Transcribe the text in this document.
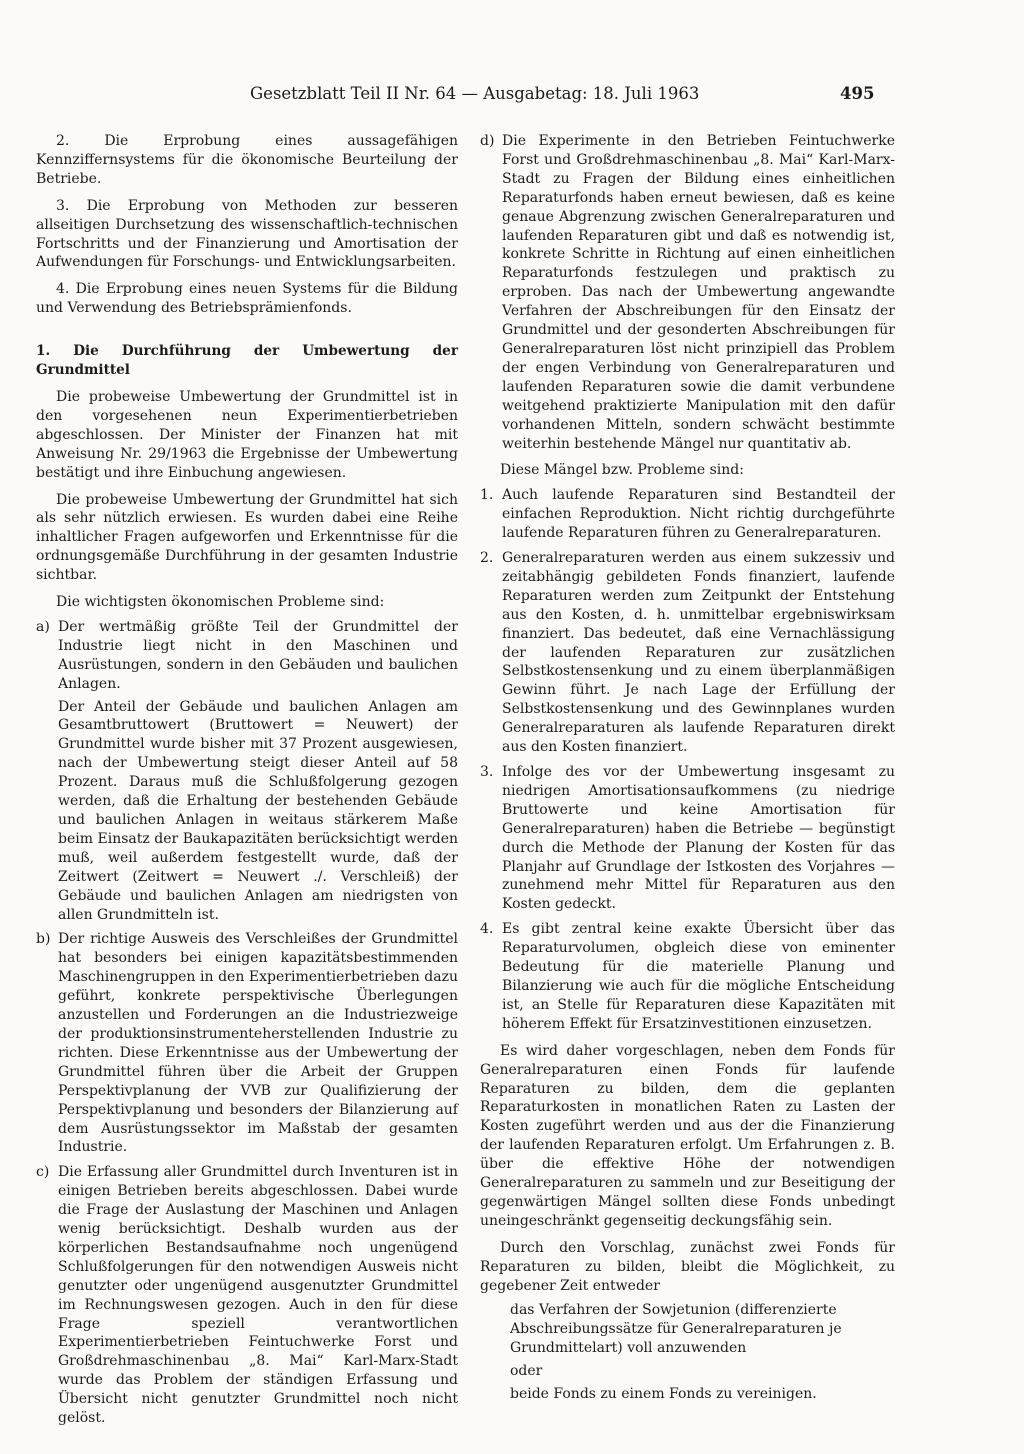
Gesetzblatt Teil II Nr. 64 — Ausgabetag: 18. Juli 1963	495

2. Die Erprobung eines aussagefähigen Kennziffernsystems für die ökonomische Beurteilung der Betriebe.

3. Die Erprobung von Methoden zur besseren allseitigen Durchsetzung des wissenschaftlich-technischen Fortschritts und der Finanzierung und Amortisation der Aufwendungen für Forschungs- und Entwicklungsarbeiten.

4. Die Erprobung eines neuen Systems für die Bildung und Verwendung des Betriebsprämienfonds.

1. Die Durchführung der Umbewertung der Grundmittel

Die probeweise Umbewertung der Grundmittel ist in den vorgesehenen neun Experimentierbetrieben abgeschlossen. Der Minister der Finanzen hat mit Anweisung Nr. 29/1963 die Ergebnisse der Umbewertung bestätigt und ihre Einbuchung angewiesen.

Die probeweise Umbewertung der Grundmittel hat sich als sehr nützlich erwiesen. Es wurden dabei eine Reihe inhaltlicher Fragen aufgeworfen und Erkenntnisse für die ordnungsgemäße Durchführung in der gesamten Industrie sichtbar.

Die wichtigsten ökonomischen Probleme sind:

a) Der wertmäßig größte Teil der Grundmittel der Industrie liegt nicht in den Maschinen und Ausrüstungen, sondern in den Gebäuden und baulichen Anlagen.

Der Anteil der Gebäude und baulichen Anlagen am Gesamtbruttowert (Bruttowert = Neuwert) der Grundmittel wurde bisher mit 37 Prozent ausgewiesen, nach der Umbewertung steigt dieser Anteil auf 58 Prozent. Daraus muß die Schlußfolgerung gezogen werden, daß die Erhaltung der bestehenden Gebäude und baulichen Anlagen in weitaus stärkerem Maße beim Einsatz der Baukapazitäten berücksichtigt werden muß, weil außerdem festgestellt wurde, daß der Zeitwert (Zeitwert = Neuwert ./. Verschleiß) der Gebäude und baulichen Anlagen am niedrigsten von allen Grundmitteln ist.

b) Der richtige Ausweis des Verschleißes der Grundmittel hat besonders bei einigen kapazitätsbestimmenden Maschinengruppen in den Experimentierbetrieben dazu geführt, konkrete perspektivische Überlegungen anzustellen und Forderungen an die Industriezweige der produktionsinstrumenteherstellenden Industrie zu richten. Diese Erkenntnisse aus der Umbewertung der Grundmittel führen über die Arbeit der Gruppen Perspektivplanung der VVB zur Qualifizierung der Perspektivplanung und besonders der Bilanzierung auf dem Ausrüstungssektor im Maßstab der gesamten Industrie.
c) Die Erfassung aller Grundmittel durch Inventuren ist in einigen Betrieben bereits abgeschlossen. Dabei wurde die Frage der Auslastung der Maschinen und Anlagen wenig berücksichtigt. Deshalb wurden aus der körperlichen Bestandsaufnahme noch ungenügend Schlußfolgerungen für den notwendigen Ausweis nicht genutzter oder ungenügend ausgenutzter Grundmittel im Rechnungswesen gezogen. Auch in den für diese Frage speziell verantwortlichen Experimentierbetrieben Feintuchwerke Forst und Großdrehmaschinenbau „8. Mai“ Karl-Marx-Stadt wurde das Problem der ständigen Erfassung und Übersicht nicht genutzter Grundmittel noch nicht gelöst.
d) Die Experimente in den Betrieben Feintuchwerke Forst und Großdrehmaschinenbau „8. Mai“ Karl-Marx-Stadt zu Fragen der Bildung eines einheitlichen Reparaturfonds haben erneut bewiesen, daß es keine genaue Abgrenzung zwischen Generalreparaturen und laufenden Reparaturen gibt und daß es notwendig ist, konkrete Schritte in Richtung auf einen einheitlichen Reparaturfonds festzulegen und praktisch zu erproben. Das nach der Umbewertung angewandte Verfahren der Abschreibungen für den Einsatz der Grundmittel und der gesonderten Abschreibungen für Generalreparaturen löst nicht prinzipiell das Problem der engen Verbindung von Generalreparaturen und laufenden Reparaturen sowie die damit verbundene weitgehend praktizierte Manipulation mit den dafür vorhandenen Mitteln, sondern schwächt bestimmte weiterhin bestehende Mängel nur quantitativ ab.

Diese Mängel bzw. Probleme sind:

1. Auch laufende Reparaturen sind Bestandteil der einfachen Reproduktion. Nicht richtig durchgeführte laufende Reparaturen führen zu Generalreparaturen.
2. Generalreparaturen werden aus einem sukzessiv und zeitabhängig gebildeten Fonds finanziert, laufende Reparaturen werden zum Zeitpunkt der Entstehung aus den Kosten, d. h. unmittelbar ergebniswirksam finanziert. Das bedeutet, daß eine Vernachlässigung der laufenden Reparaturen zur zusätzlichen Selbstkostensenkung und zu einem überplanmäßigen Gewinn führt. Je nach Lage der Erfüllung der Selbstkostensenkung und des Gewinnplanes wurden Generalreparaturen als laufende Reparaturen direkt aus den Kosten finanziert.
3. Infolge des vor der Umbewertung insgesamt zu niedrigen Amortisationsaufkommens (zu niedrige Bruttowerte und keine Amortisation für Generalreparaturen) haben die Betriebe — begünstigt durch die Methode der Planung der Kosten für das Planjahr auf Grundlage der Istkosten des Vorjahres — zunehmend mehr Mittel für Reparaturen aus den Kosten gedeckt.
4. Es gibt zentral keine exakte Übersicht über das Reparaturvolumen, obgleich diese von eminenter Bedeutung für die materielle Planung und Bilanzierung wie auch für die mögliche Entscheidung ist, an Stelle für Reparaturen diese Kapazitäten mit höherem Effekt für Ersatzinvestitionen einzusetzen.

Es wird daher vorgeschlagen, neben dem Fonds für Generalreparaturen einen Fonds für laufende Reparaturen zu bilden, dem die geplanten Reparaturkosten in monatlichen Raten zu Lasten der Kosten zugeführt werden und aus der die Finanzierung der laufenden Reparaturen erfolgt. Um Erfahrungen z. B. über die effektive Höhe der notwendigen Generalreparaturen zu sammeln und zur Beseitigung der gegenwärtigen Mängel sollten diese Fonds unbedingt uneingeschränkt gegenseitig deckungsfähig sein.

Durch den Vorschlag, zunächst zwei Fonds für Reparaturen zu bilden, bleibt die Möglichkeit, zu gegebener Zeit entweder

das Verfahren der Sowjetunion (differenzierte Abschreibungssätze für Generalreparaturen je Grundmittelart) voll anzuwenden

oder

beide Fonds zu einem Fonds zu vereinigen.
